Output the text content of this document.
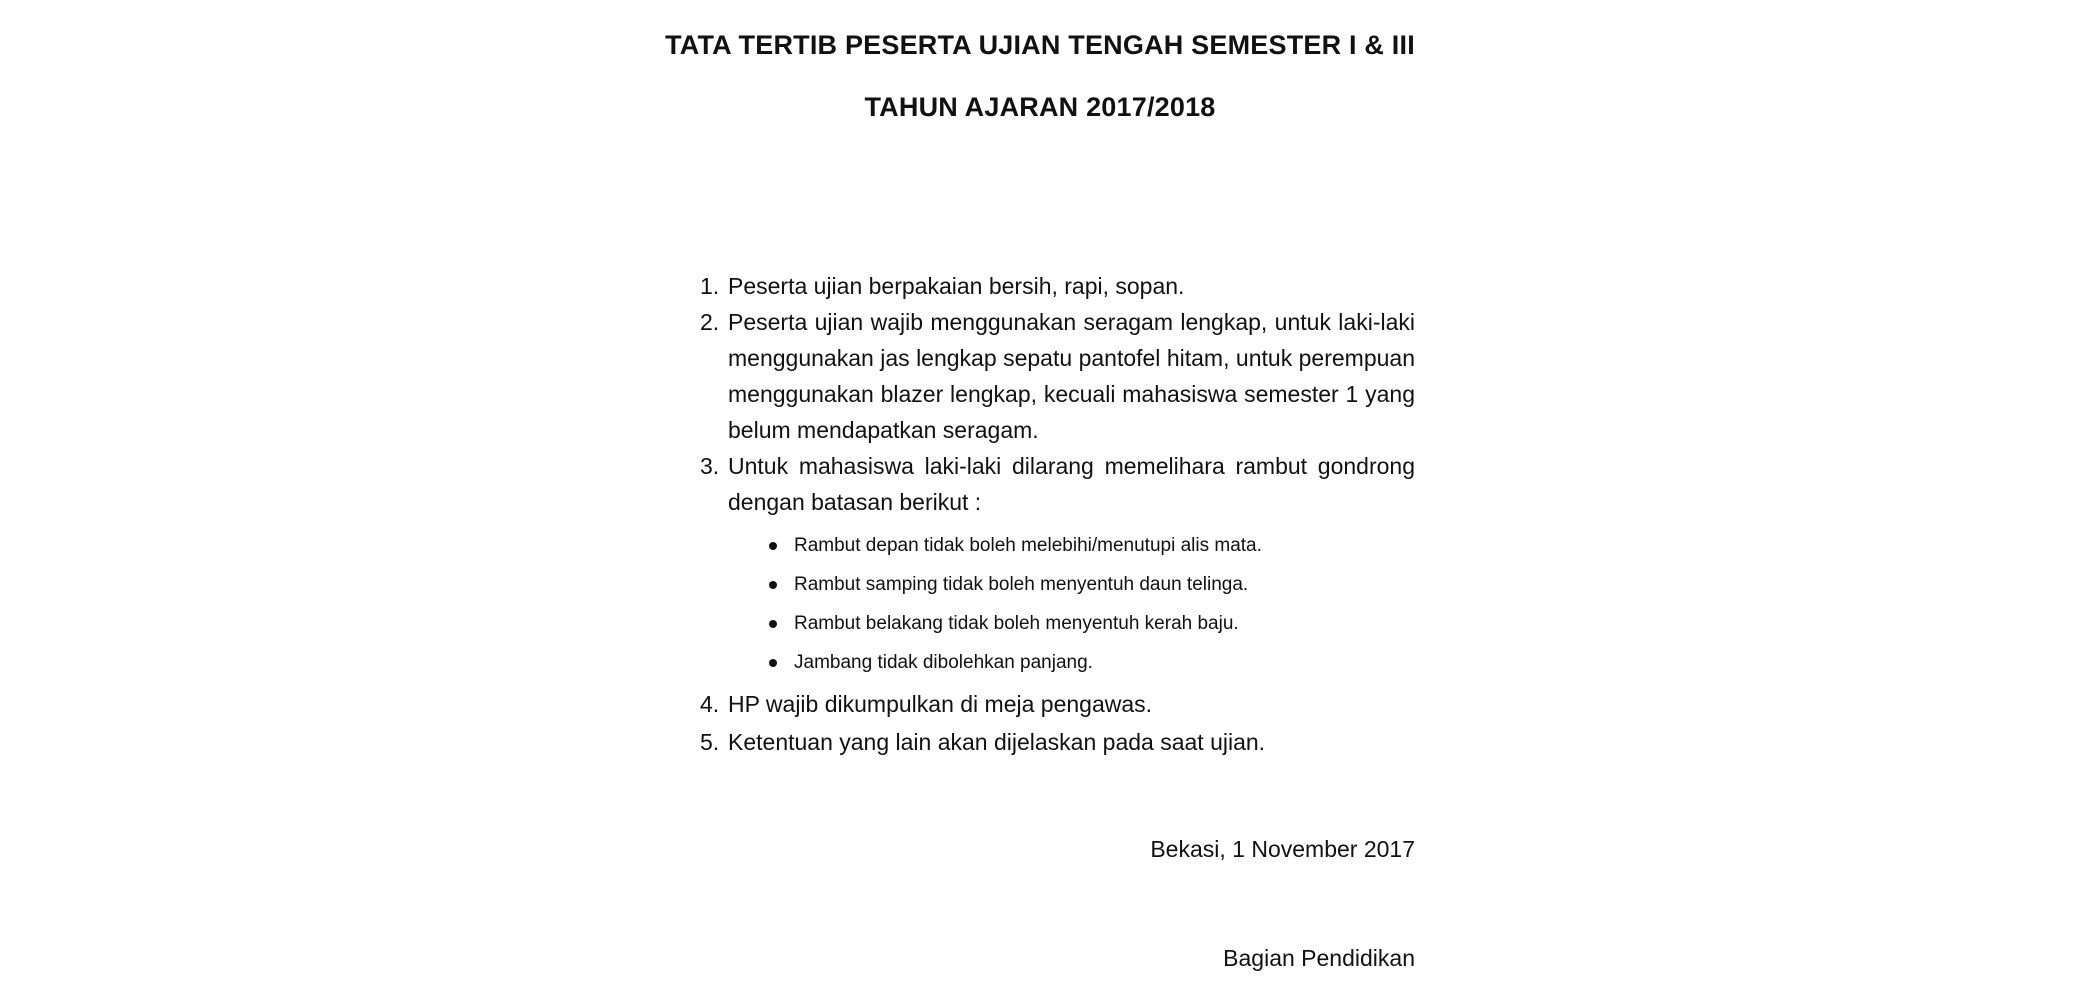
TATA TERTIB PESERTA UJIAN TENGAH SEMESTER I & III
TAHUN AJARAN 2017/2018
1. Peserta ujian berpakaian bersih, rapi, sopan.
2. Peserta ujian wajib menggunakan seragam lengkap, untuk laki-laki menggunakan jas lengkap sepatu pantofel hitam, untuk perempuan menggunakan blazer lengkap, kecuali mahasiswa semester 1 yang belum mendapatkan seragam.
3. Untuk mahasiswa laki-laki dilarang memelihara rambut gondrong dengan batasan berikut :
Rambut depan tidak boleh melebihi/menutupi alis mata.
Rambut samping tidak boleh menyentuh daun telinga.
Rambut belakang tidak boleh menyentuh kerah baju.
Jambang tidak dibolehkan panjang.
4. HP wajib dikumpulkan di meja pengawas.
5. Ketentuan yang lain akan dijelaskan pada saat ujian.
Bekasi, 1 November 2017
Bagian Pendidikan
